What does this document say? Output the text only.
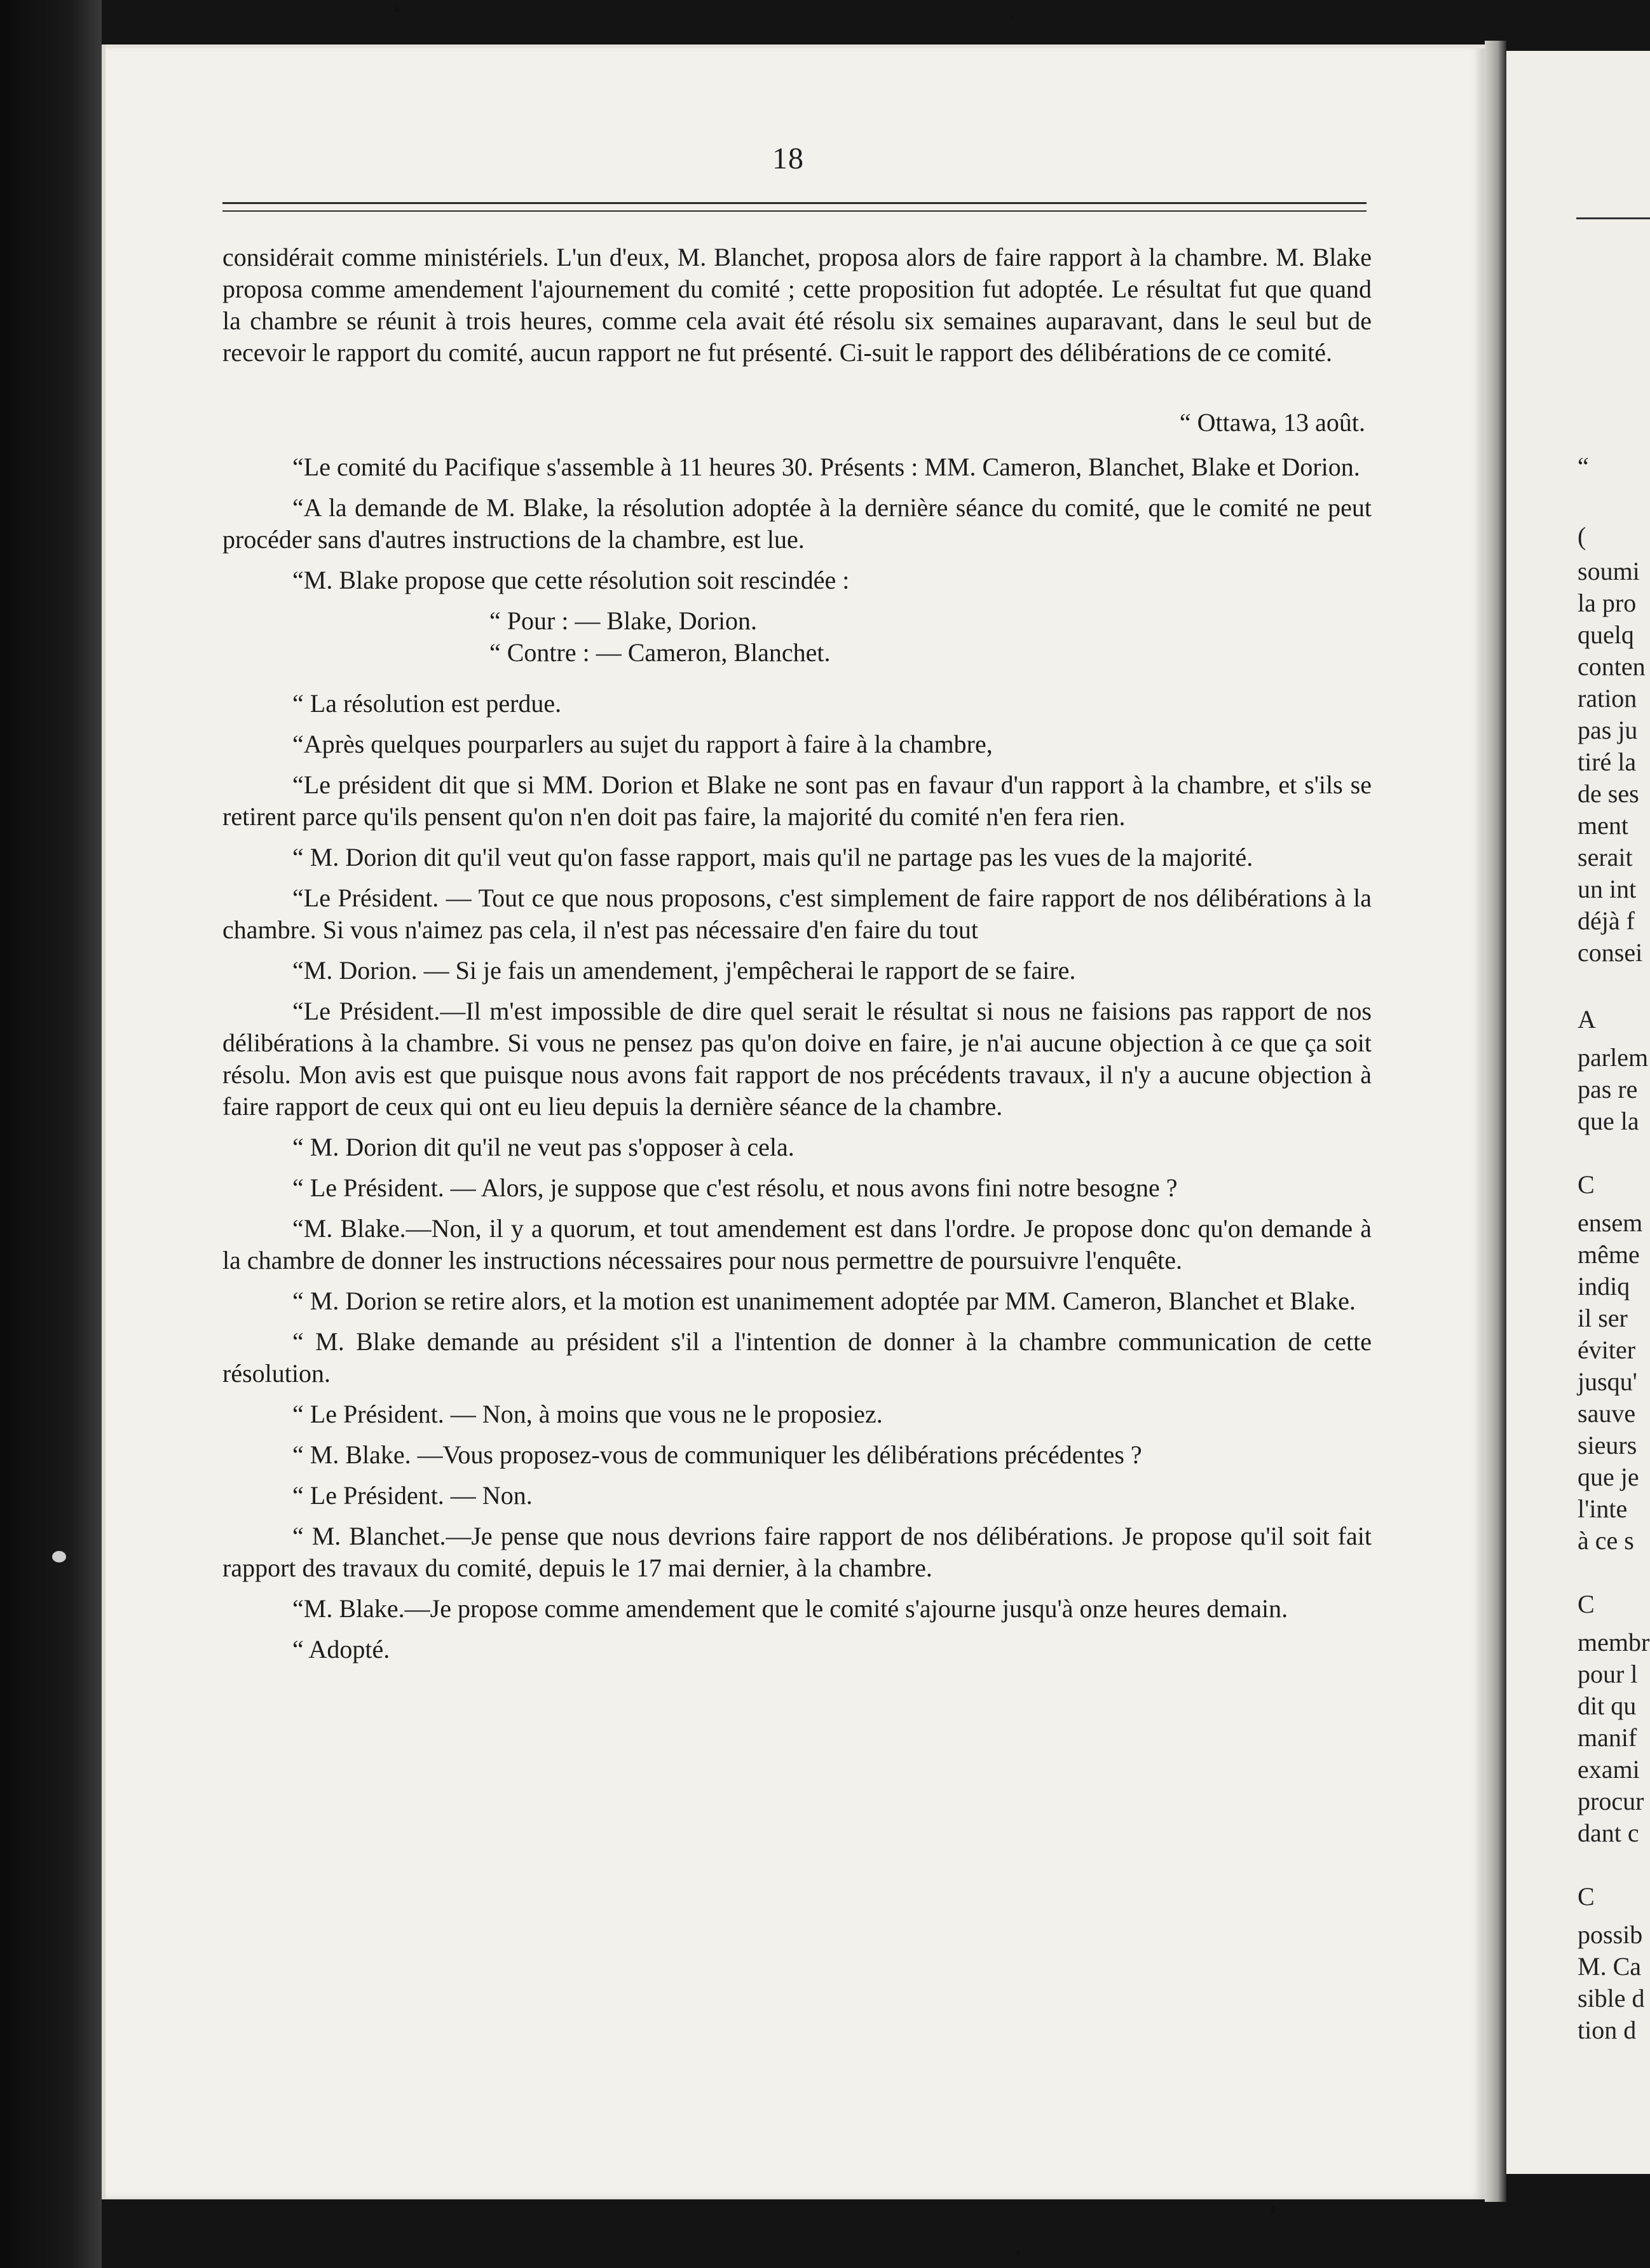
“
(
soumi
la pro
quelq
conten
ration
pas ju
tiré la
de ses
ment
serait
un int
déjà f
consei
A
parlem
pas re
que la
C
ensem
même
indiq
il ser
éviter
jusqu'
sauve
sieurs
que je
l'inte
à ce s
C
membr
pour l
dit qu
manif
exami
procur
dant c
C
possib
M. Ca
sible d
tion d
18

considérait comme ministériels. L'un d'eux, M. Blanchet, proposa alors de faire rapport à la chambre. M. Blake proposa comme amendement l'ajournement du comité ; cette proposition fut adoptée. Le résultat fut que quand la chambre se réunit à trois heures, comme cela avait été résolu six semaines auparavant, dans le seul but de recevoir le rapport du comité, aucun rapport ne fut présenté. Ci-suit le rapport des délibérations de ce comité.

“ Ottawa, 13 août.

“Le comité du Pacifique s'assemble à 11 heures 30. Présents : MM. Cameron, Blanchet, Blake et Dorion.

“A la demande de M. Blake, la résolution adoptée à la dernière séance du comité, que le comité ne peut procéder sans d'autres instructions de la chambre, est lue.

“M. Blake propose que cette résolution soit rescindée :

“ Pour : — Blake, Dorion.

“ Contre : — Cameron, Blanchet.

“ La résolution est perdue.

“Après quelques pourparlers au sujet du rapport à faire à la chambre,

“Le président dit que si MM. Dorion et Blake ne sont pas en favaur d'un rapport à la chambre, et s'ils se retirent parce qu'ils pensent qu'on n'en doit pas faire, la majorité du comité n'en fera rien.

“ M. Dorion dit qu'il veut qu'on fasse rapport, mais qu'il ne partage pas les vues de la majorité.

“Le Président. — Tout ce que nous proposons, c'est simplement de faire rapport de nos délibérations à la chambre. Si vous n'aimez pas cela, il n'est pas nécessaire d'en faire du tout

“M. Dorion. — Si je fais un amendement, j'empêcherai le rapport de se faire.

“Le Président.—Il m'est impossible de dire quel serait le résultat si nous ne faisions pas rapport de nos délibérations à la chambre. Si vous ne pensez pas qu'on doive en faire, je n'ai aucune objection à ce que ça soit résolu. Mon avis est que puisque nous avons fait rapport de nos précédents travaux, il n'y a aucune objection à faire rapport de ceux qui ont eu lieu depuis la dernière séance de la chambre.

“ M. Dorion dit qu'il ne veut pas s'opposer à cela.

“ Le Président. — Alors, je suppose que c'est résolu, et nous avons fini notre besogne ?

“M. Blake.—Non, il y a quorum, et tout amendement est dans l'ordre. Je propose donc qu'on demande à la chambre de donner les instructions nécessaires pour nous permettre de poursuivre l'enquête.

“ M. Dorion se retire alors, et la motion est unanimement adoptée par MM. Cameron, Blanchet et Blake.

“ M. Blake demande au président s'il a l'intention de donner à la chambre communication de cette résolution.

“ Le Président. — Non, à moins que vous ne le proposiez.

“ M. Blake. —Vous proposez-vous de communiquer les délibérations précédentes ?

“ Le Président. — Non.

“ M. Blanchet.—Je pense que nous devrions faire rapport de nos délibérations. Je propose qu'il soit fait rapport des travaux du comité, depuis le 17 mai dernier, à la chambre.

“M. Blake.—Je propose comme amendement que le comité s'ajourne jusqu'à onze heures demain.

“ Adopté.
